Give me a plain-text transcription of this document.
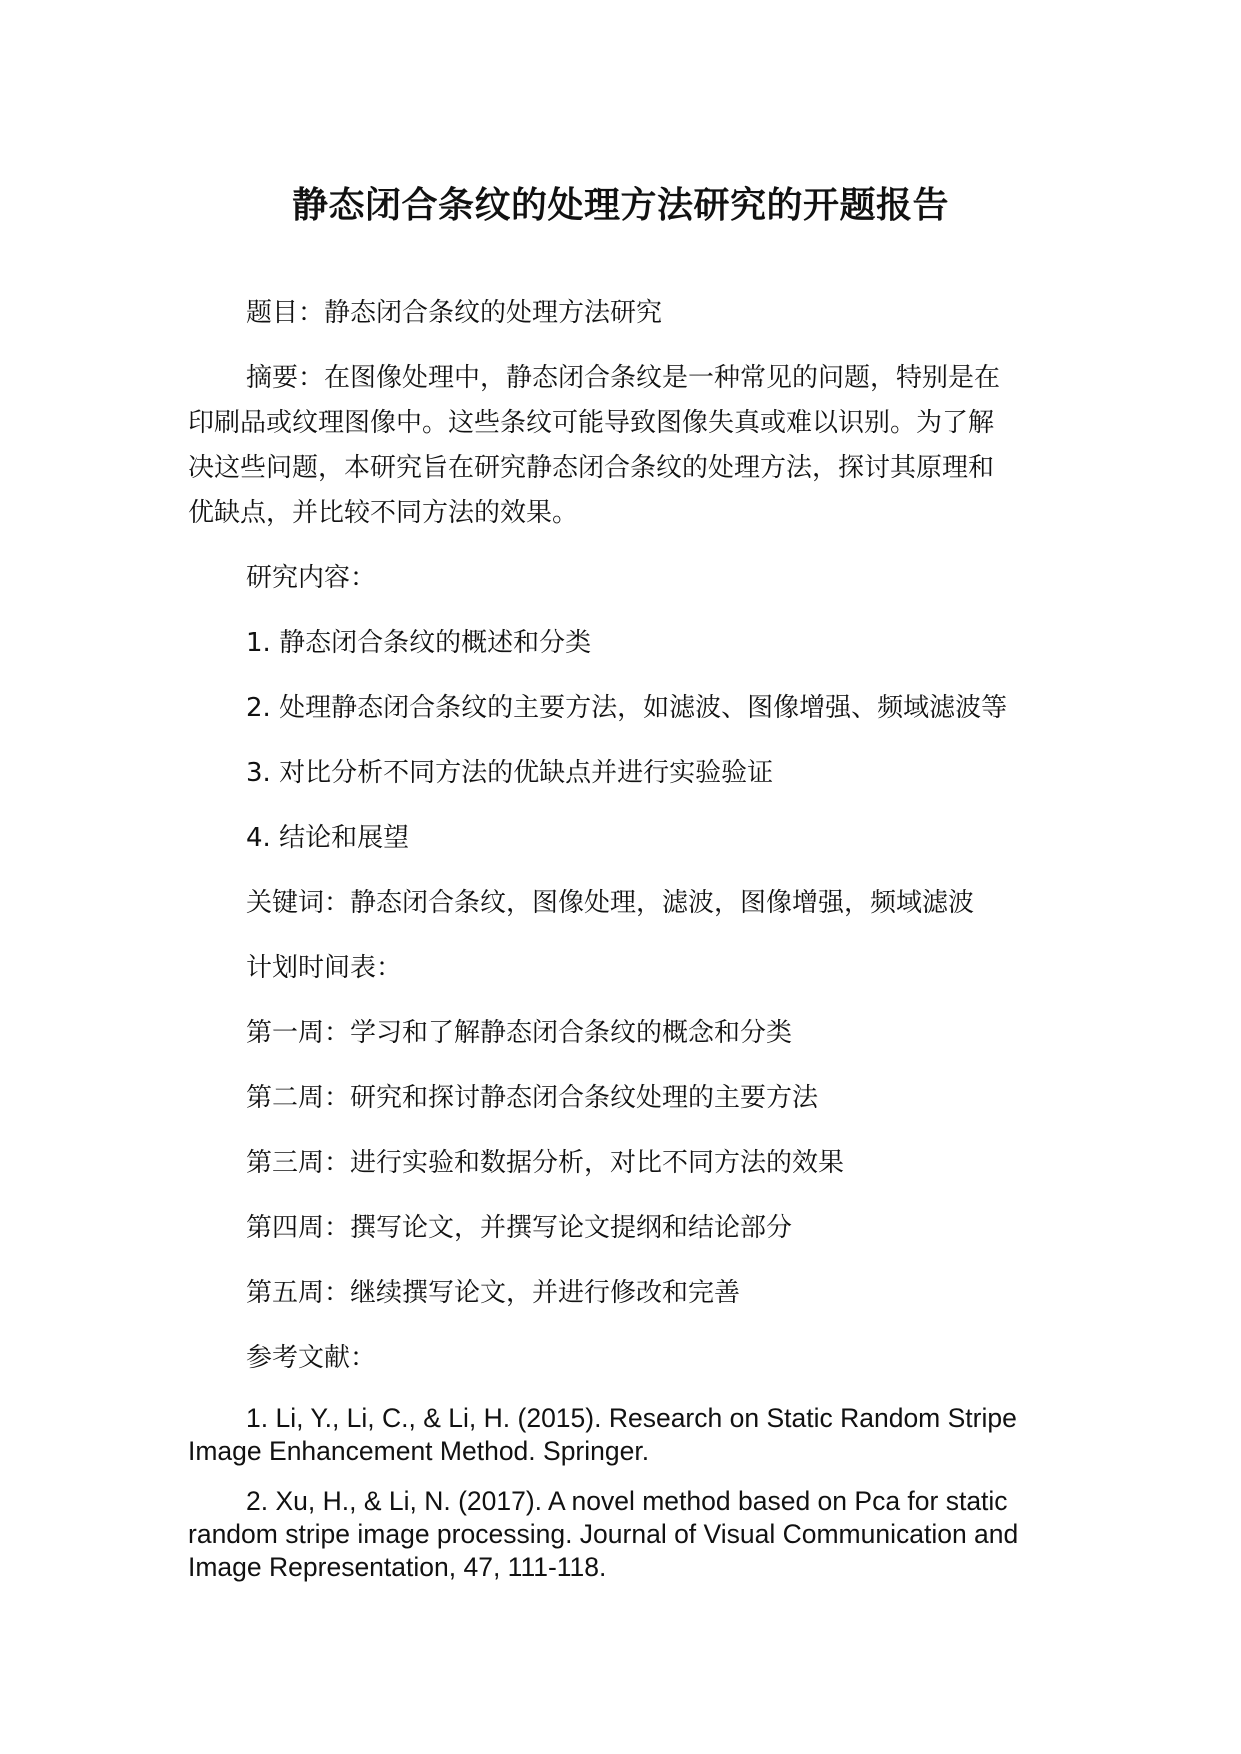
静态闭合条纹的处理方法研究的开题报告

题目：静态闭合条纹的处理方法研究

摘要：在图像处理中，静态闭合条纹是一种常见的问题，特别是在

印刷品或纹理图像中。这些条纹可能导致图像失真或难以识别。为了解

决这些问题，本研究旨在研究静态闭合条纹的处理方法，探讨其原理和

优缺点，并比较不同方法的效果。

研究内容：

1. 静态闭合条纹的概述和分类

2. 处理静态闭合条纹的主要方法，如滤波、图像增强、频域滤波等

3. 对比分析不同方法的优缺点并进行实验验证

4. 结论和展望

关键词：静态闭合条纹，图像处理，滤波，图像增强，频域滤波

计划时间表：

第一周：学习和了解静态闭合条纹的概念和分类

第二周：研究和探讨静态闭合条纹处理的主要方法

第三周：进行实验和数据分析，对比不同方法的效果

第四周：撰写论文，并撰写论文提纲和结论部分

第五周：继续撰写论文，并进行修改和完善

参考文献：

1. Li, Y., Li, C., & Li, H. (2015). Research on Static Random Stripe Image Enhancement Method. Springer.

2. Xu, H., & Li, N. (2017). A novel method based on Pca for static random stripe image processing. Journal of Visual Communication and Image Representation, 47, 111-118.
